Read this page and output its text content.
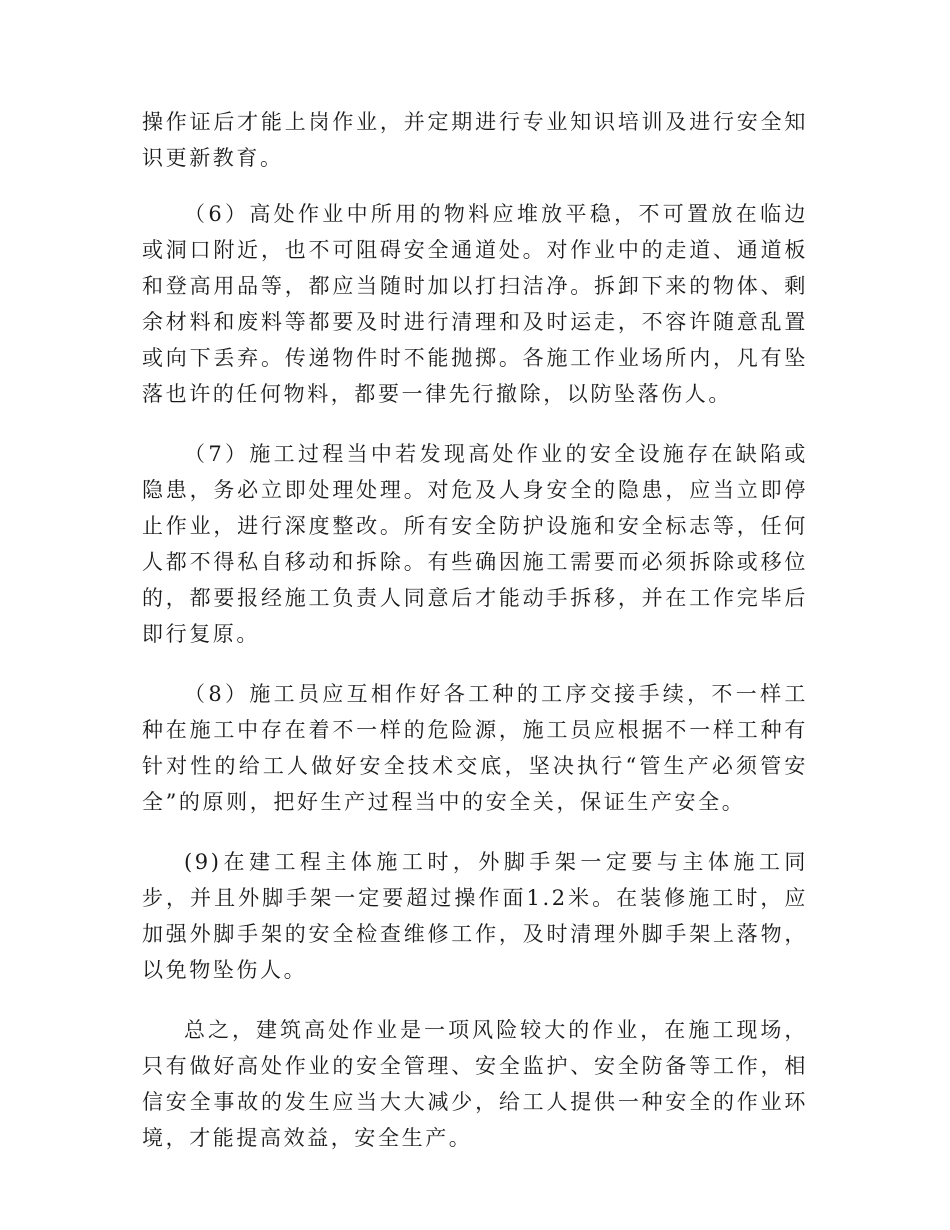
操作证后才能上岗作业，并定期进行专业知识培训及进行安全知识更新教育。

（6）高处作业中所用的物料应堆放平稳，不可置放在临边或洞口附近，也不可阻碍安全通道处。对作业中的走道、通道板和登高用品等，都应当随时加以打扫洁净。拆卸下来的物体、剩余材料和废料等都要及时进行清理和及时运走，不容许随意乱置或向下丢弃。传递物件时不能抛掷。各施工作业场所内，凡有坠落也许的任何物料，都要一律先行撤除，以防坠落伤人。

（7）施工过程当中若发现高处作业的安全设施存在缺陷或隐患，务必立即处理处理。对危及人身安全的隐患，应当立即停止作业，进行深度整改。所有安全防护设施和安全标志等，任何人都不得私自移动和拆除。有些确因施工需要而必须拆除或移位的，都要报经施工负责人同意后才能动手拆移，并在工作完毕后即行复原。

（8）施工员应互相作好各工种的工序交接手续，不一样工种在施工中存在着不一样的危险源，施工员应根据不一样工种有针对性的给工人做好安全技术交底，坚决执行“管生产必须管安全”的原则，把好生产过程当中的安全关，保证生产安全。

(9)在建工程主体施工时，外脚手架一定要与主体施工同步，并且外脚手架一定要超过操作面1.2米。在装修施工时，应加强外脚手架的安全检查维修工作，及时清理外脚手架上落物，以免物坠伤人。

总之，建筑高处作业是一项风险较大的作业，在施工现场，只有做好高处作业的安全管理、安全监护、安全防备等工作，相信安全事故的发生应当大大减少，给工人提供一种安全的作业环境，才能提高效益，安全生产。
